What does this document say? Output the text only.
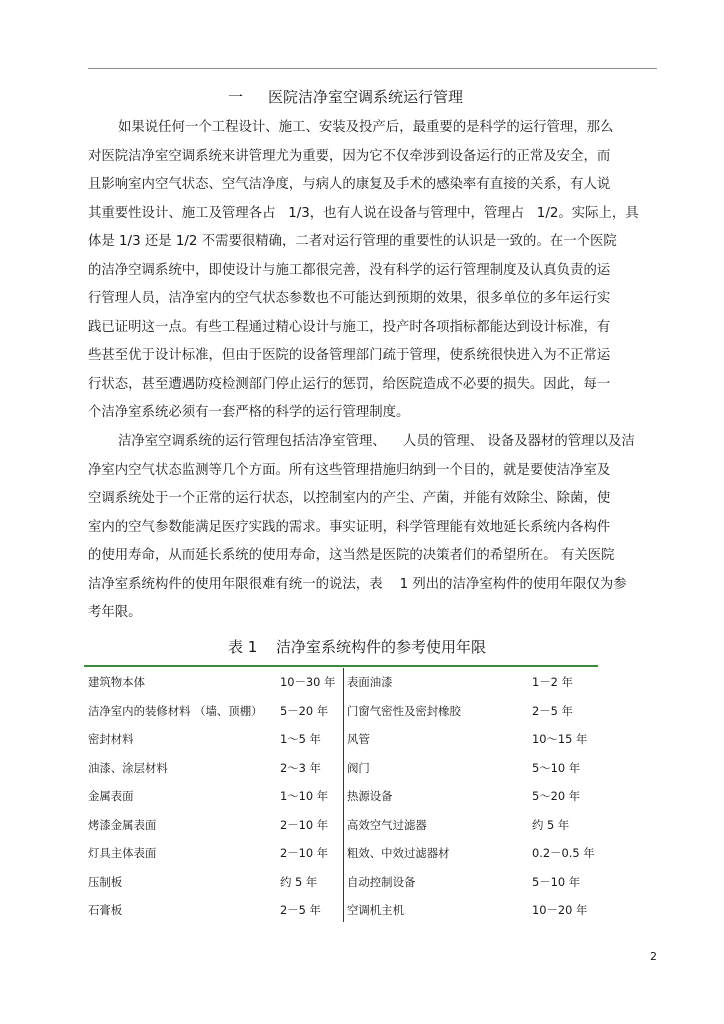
一 医院洁净室空调系统运行管理
如果说任何一个工程设计、施工、安装及投产后，最重要的是科学的运行管理，那么
对医院洁净室空调系统来讲管理尤为重要，因为它不仅牵涉到设备运行的正常及安全，而
且影响室内空气状态、空气洁净度，与病人的康复及手术的感染率有直接的关系，有人说
其重要性设计、施工及管理各占   1/3，也有人说在设备与管理中，管理占   1/2。实际上，具
体是 1/3 还是 1/2 不需要很精确，二者对运行管理的重要性的认识是一致的。在一个医院
的洁净空调系统中，即使设计与施工都很完善，没有科学的运行管理制度及认真负责的运
行管理人员，洁净室内的空气状态参数也不可能达到预期的效果，很多单位的多年运行实
践已证明这一点。有些工程通过精心设计与施工，投产时各项指标都能达到设计标准，有
些甚至优于设计标准，但由于医院的设备管理部门疏于管理，使系统很快进入为不正常运
行状态，甚至遭遇防疫检测部门停止运行的惩罚，给医院造成不必要的损失。因此，每一
个洁净室系统必须有一套严格的科学的运行管理制度。
洁净室空调系统的运行管理包括洁净室管理、    人员的管理、 设备及器材的管理以及洁
净室内空气状态监测等几个方面。所有这些管理措施归纳到一个目的，就是要使洁净室及
空调系统处于一个正常的运行状态，以控制室内的产尘、产菌，并能有效除尘、除菌，使
室内的空气参数能满足医疗实践的需求。事实证明，科学管理能有效地延长系统内各构件
的使用寿命，从而延长系统的使用寿命，这当然是医院的决策者们的希望所在。 有关医院
洁净室系统构件的使用年限很难有统一的说法，表    1 列出的洁净室构件的使用年限仅为参
考年限。
表 1 洁净室系统构件的参考使用年限
建筑物本体	10－30 年 表面油漆	1－2 年
洁净室内的装修材料 （墙、顶棚） 5－20 年 门窗气密性及密封橡胶	2－5 年
密封材料	1～5 年 风管	10～15 年
油漆、涂层材料	2～3 年 阀门	5～10 年
金属表面	1～10 年 热源设备	5～20 年
烤漆金属表面	2－10 年 高效空气过滤器	约 5 年
灯具主体表面	2－10 年 粗效、中效过滤器材	0.2－0.5 年
压制板	约 5 年	自动控制设备	5－10 年
石膏板	2－5 年 空调机主机	10－20 年
2
